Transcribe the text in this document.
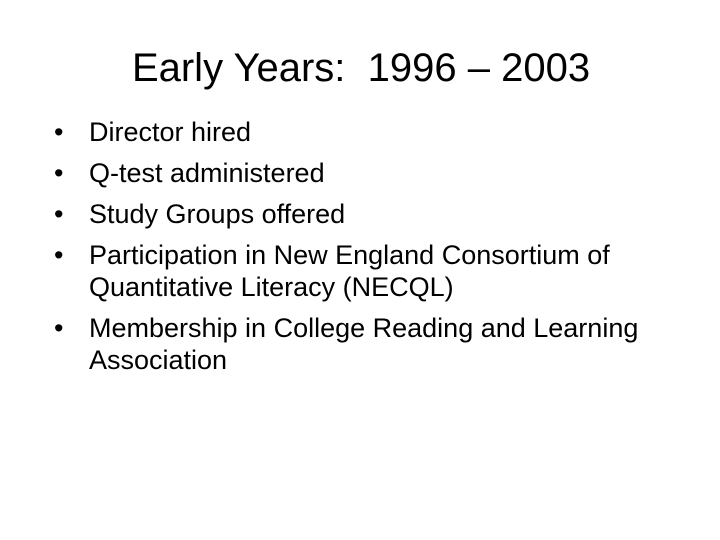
Early Years:  1996 – 2003
• Director hired
• Q-test administered
• Study Groups offered
• Participation in New England Consortium of Quantitative Literacy (NECQL)
• Membership in College Reading and Learning Association
